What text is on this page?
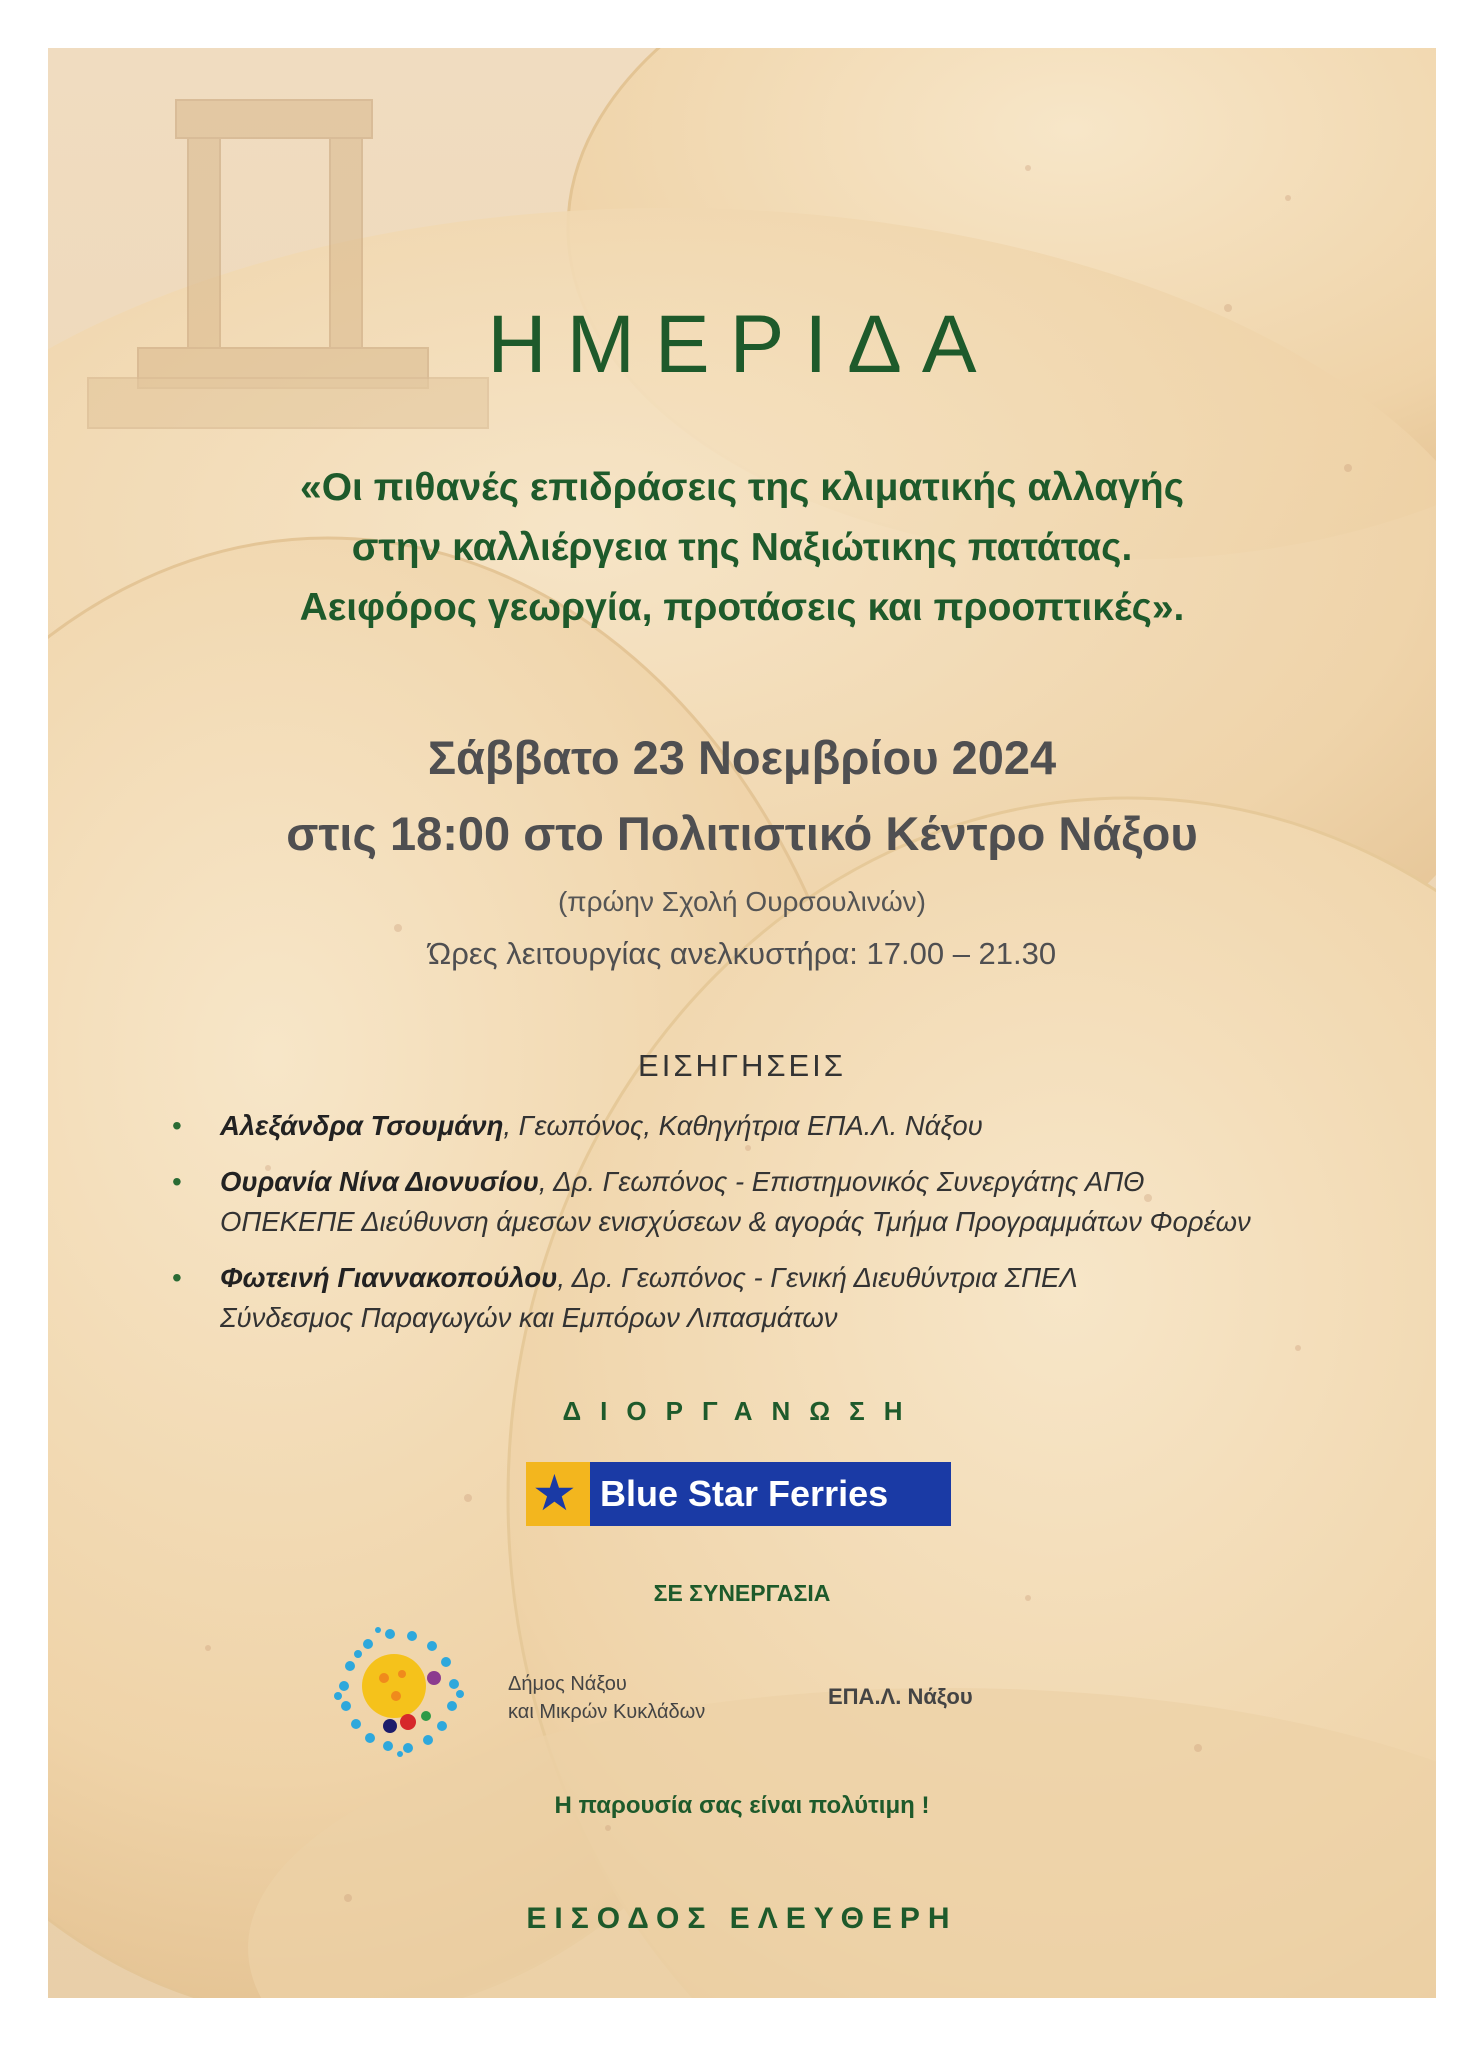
ΗΜΕΡΙΔΑ
«Οι πιθανές επιδράσεις της κλιματικής αλλαγής
στην καλλιέργεια της Ναξιώτικης πατάτας.
Αειφόρος γεωργία, προτάσεις και προοπτικές».
Σάββατο 23 Νοεμβρίου 2024
στις 18:00 στο Πολιτιστικό Κέντρο Νάξου
(πρώην Σχολή Ουρσουλινών)
Ώρες λειτουργίας ανελκυστήρα: 17.00 – 21.30
ΕΙΣΗΓΗΣΕΙΣ
• Αλεξάνδρα Τσουμάνη, Γεωπόνος, Καθηγήτρια ΕΠΑ.Λ. Νάξου
• Ουρανία Νίνα Διονυσίου, Δρ. Γεωπόνος - Επιστημονικός Συνεργάτης ΑΠΘ
ΟΠΕΚΕΠΕ Διεύθυνση άμεσων ενισχύσεων & αγοράς Τμήμα Προγραμμάτων Φορέων
• Φωτεινή Γιαννακοπούλου, Δρ. Γεωπόνος - Γενική Διευθύντρια ΣΠΕΛ
Σύνδεσμος Παραγωγών και Εμπόρων Λιπασμάτων
ΔΙΟΡΓΑΝΩΣΗ
★ Blue Star Ferries
ΣΕ ΣΥΝΕΡΓΑΣΙΑ
Δήμος Νάξου
και Μικρών Κυκλάδων
ΕΠΑ.Λ. Νάξου
Η παρουσία σας είναι πολύτιμη !
ΕΙΣΟΔΟΣ ΕΛΕΥΘΕΡΗ
